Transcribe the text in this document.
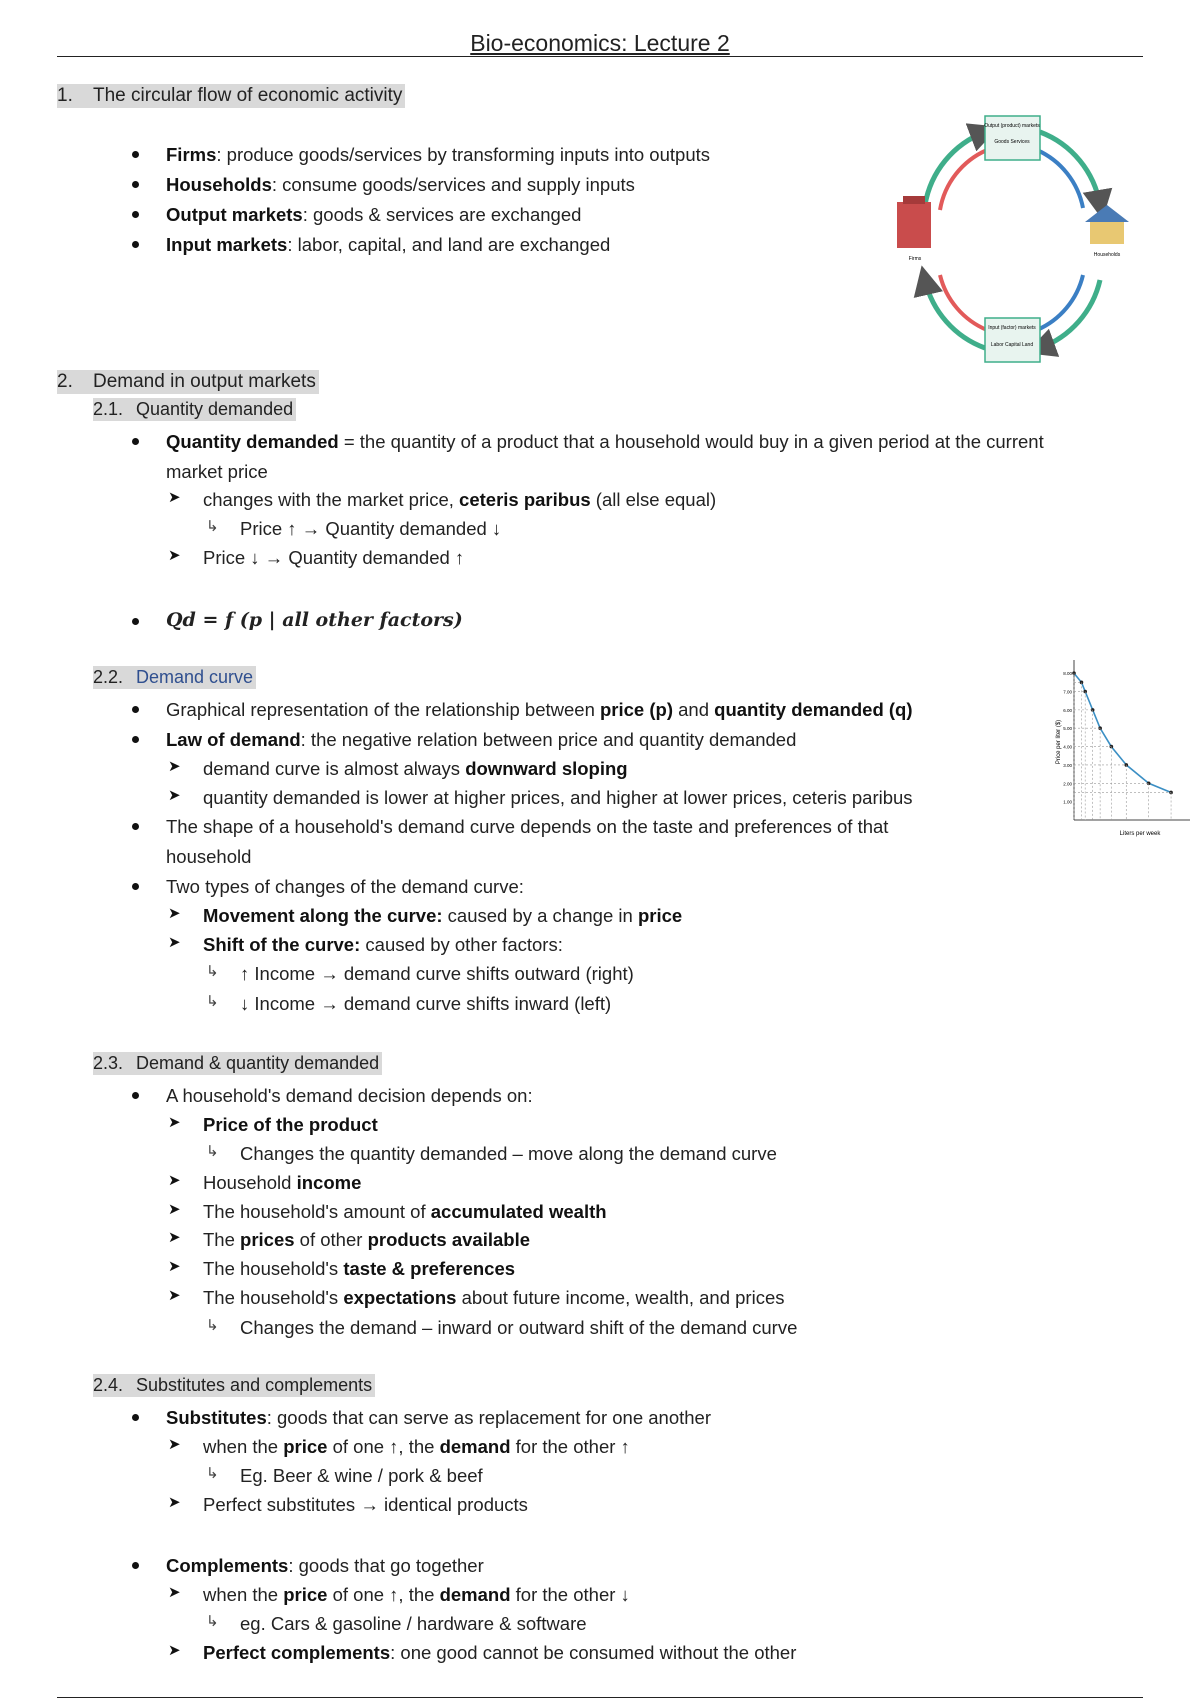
Bio-economics: Lecture 2
1. The circular flow of economic activity
Firms: produce goods/services by transforming inputs into outputs
Households: consume goods/services and supply inputs
Output markets: goods & services are exchanged
Input markets: labor, capital, and land are exchanged
Output (product) markets
Goods Services
Input (factor) markets
Labor Capital Land
Firms
Households
2. Demand in output markets
2.1. Quantity demanded
Quantity demanded = the quantity of a product that a household would buy in a given period at the current
market price
➤ changes with the market price, ceteris paribus (all else equal)
↳ Price ↑ → Quantity demanded ↓
➤ Price ↓ → Quantity demanded ↑
Qd = f (p | all other factors)
2.2. Demand curve
Graphical representation of the relationship between price (p) and quantity demanded (q)
Law of demand: the negative relation between price and quantity demanded
➤ demand curve is almost always downward sloping
➤ quantity demanded is lower at higher prices, and higher at lower prices, ceteris paribus
The shape of a household's demand curve depends on the taste and preferences of that
household
Two types of changes of the demand curve:
➤ Movement along the curve: caused by a change in price
➤ Shift of the curve: caused by other factors:
↳ ↑ Income → demand curve shifts outward (right)
↳ ↓ Income → demand curve shifts inward (left)
8.00
7.00
6.00
5.00
4.00
3.00
2.00
1.00
Price per liter ($)
Liters per week
2.3. Demand & quantity demanded
A household's demand decision depends on:
➤ Price of the product
↳ Changes the quantity demanded – move along the demand curve
➤ Household income
➤ The household's amount of accumulated wealth
➤ The prices of other products available
➤ The household's taste & preferences
➤ The household's expectations about future income, wealth, and prices
↳ Changes the demand – inward or outward shift of the demand curve
2.4. Substitutes and complements
Substitutes: goods that can serve as replacement for one another
➤ when the price of one ↑, the demand for the other ↑
↳ Eg. Beer & wine / pork & beef
➤ Perfect substitutes → identical products
Complements: goods that go together
➤ when the price of one ↑, the demand for the other ↓
↳ eg. Cars & gasoline / hardware & software
➤ Perfect complements: one good cannot be consumed without the other
